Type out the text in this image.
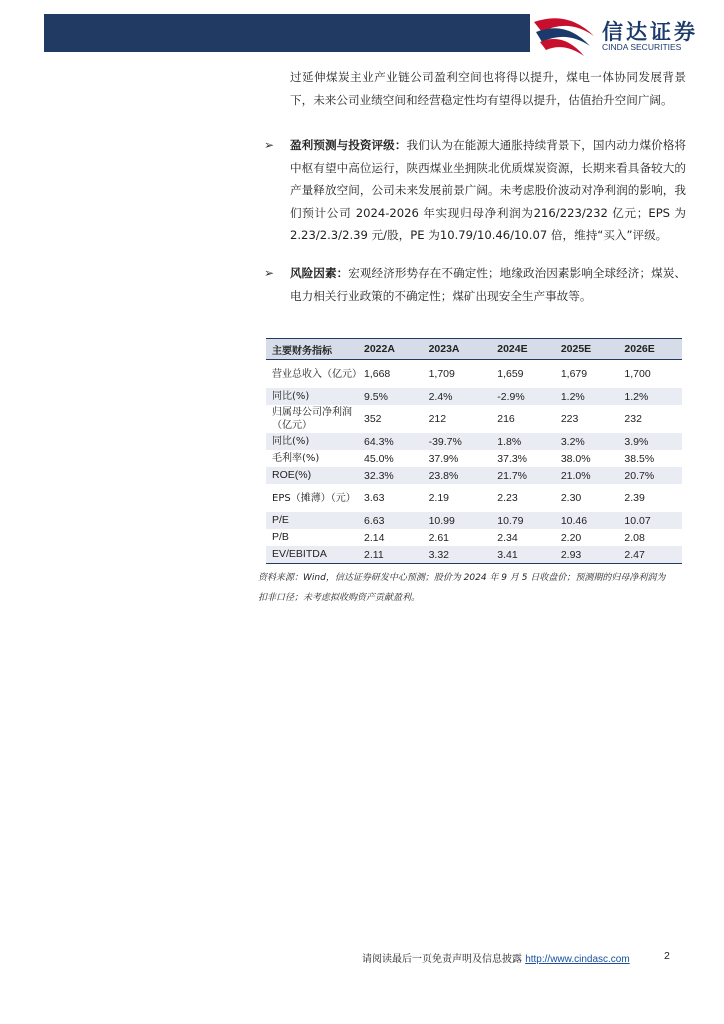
信达证券
CINDA SECURITIES
过延伸煤炭主业产业链公司盈利空间也将得以提升，煤电一体协同发展背景下，未来公司业绩空间和经营稳定性均有望得以提升，估值抬升空间广阔。
➢ 盈利预测与投资评级：我们认为在能源大通胀持续背景下，国内动力煤价格将中枢有望中高位运行，陕西煤业坐拥陕北优质煤炭资源，长期来看具备较大的产量释放空间，公司未来发展前景广阔。未考虑股价波动对净利润的影响，我们预计公司 2024-2026 年实现归母净利润为216/223/232 亿元；EPS 为 2.23/2.3/2.39 元/股，PE 为10.79/10.46/10.07 倍，维持“买入”评级。
➢ 风险因素：宏观经济形势存在不确定性；地缘政治因素影响全球经济；煤炭、电力相关行业政策的不确定性；煤矿出现安全生产事故等。
主要财务指标	2022A	2023A	2024E	2025E	2026E
营业总收入（亿元）	1,668	1,709	1,659	1,679	1,700
同比(%)	9.5%	2.4%	-2.9%	1.2%	1.2%
归属母公司净利润（亿元）	352	212	216	223	232
同比(%)	64.3%	-39.7%	1.8%	3.2%	3.9%
毛利率(%)	45.0%	37.9%	37.3%	38.0%	38.5%
ROE(%)	32.3%	23.8%	21.7%	21.0%	20.7%
EPS（摊薄）（元）	3.63	2.19	2.23	2.30	2.39
P/E	6.63	10.99	10.79	10.46	10.07
P/B	2.14	2.61	2.34	2.20	2.08
EV/EBITDA	2.11	3.32	3.41	2.93	2.47
资料来源：Wind，信达证券研发中心预测；股价为 2024 年 9 月 5 日收盘价；预测期的归母净利润为
扣非口径；未考虑拟收购资产贡献盈利。
请阅读最后一页免责声明及信息披露 http://www.cindasc.com	2
